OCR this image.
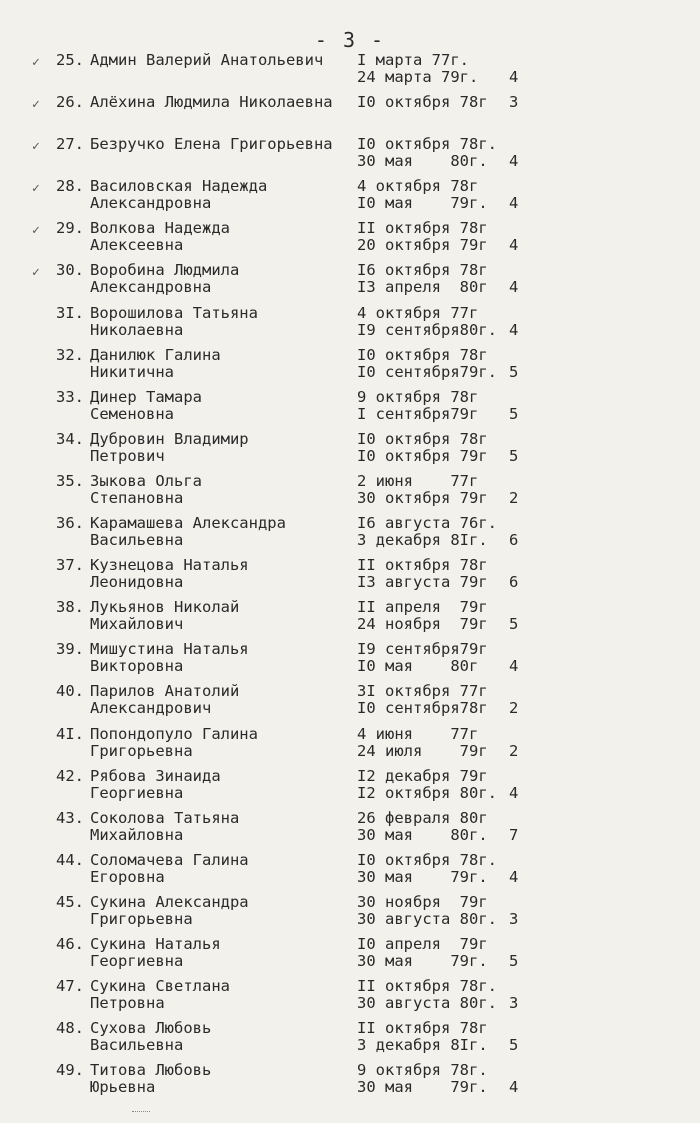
- 3 -
✓ 25. Админ Валерий Анатольевич I марта 77г.
24 марта 79г. 4
✓ 26. Алёхина Людмила Николаевна I0 октября 78г 3
✓ 27. Безручко Елена Григорьевна I0 октября 78г.
30 мая    80г. 4
✓ 28. Василовская Надежда
Александровна
4 октября 78г
I0 мая    79г. 4
✓ 29. Волкова Надежда
Алексеевна
II октября 78г
20 октября 79г 4
✓ 30. Воробина Людмила
Александровна
I6 октября 78г
I3 апреля  80г 4
3I. Ворошилова Татьяна
Николаевна
4 октября 77г
I9 сентября80г. 4
32. Данилюк Галина
Никитична
I0 октября 78г
I0 сентября79г. 5
33. Динер Тамара
Семеновна
9 октября 78г
I сентября79г 5
34. Дубровин Владимир
Петрович
I0 октября 78г
I0 октября 79г 5
35. Зыкова Ольга
Степановна
2 июня    77г
30 октября 79г 2
36. Карамашева Александра
Васильевна
I6 августа 76г.
3 декабря 8Iг. 6
37. Кузнецова Наталья
Леонидовна
II октября 78г
I3 августа 79г 6
38. Лукьянов Николай
Михайлович
II апреля  79г
24 ноября  79г 5
39. Мишустина Наталья
Викторовна
I9 сентября79г
I0 мая    80г 4
40. Парилов Анатолий
Александрович
3I октября 77г
I0 сентября78г 2
4I. Попондопуло Галина
Григорьевна
4 июня    77г
24 июля    79г 2
42. Рябова Зинаида
Георгиевна
I2 декабря 79г
I2 октября 80г. 4
43. Соколова Татьяна
Михайловна
26 февраля 80г
30 мая    80г. 7
44. Соломачева Галина
Егоровна
I0 октября 78г.
30 мая    79г. 4
45. Сукина Александра
Григорьевна
30 ноября  79г
30 августа 80г. 3
46. Сукина Наталья
Георгиевна
I0 апреля  79г
30 мая    79г. 5
47. Сукина Светлана
Петровна
II октября 78г.
30 августа 80г. 3
48. Сухова Любовь
Васильевна
II октября 78г
3 декабря 8Iг. 5
49. Титова Любовь
Юрьевна
9 октября 78г.
30 мая    79г. 4
